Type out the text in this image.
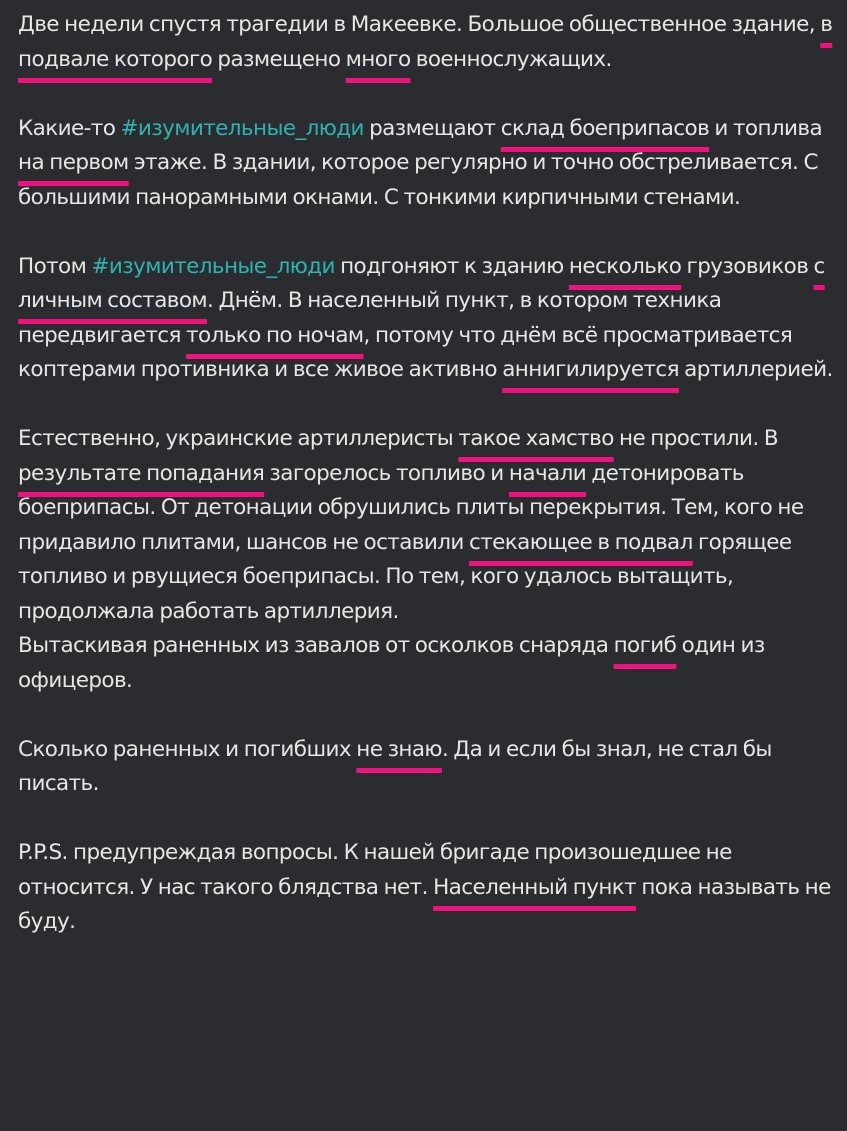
Две недели спустя трагедии в Макеевке. Большое общественное здание, в подвале которого размещено много военнослужащих.

Какие-то #изумительные_люди размещают склад боеприпасов и топлива на первом этаже. В здании, которое регулярно и точно обстреливается. С большими панорамными окнами. С тонкими кирпичными стенами.

Потом #изумительные_люди подгоняют к зданию несколько грузовиков с личным составом. Днём. В населенный пункт, в котором техника передвигается только по ночам, потому что днём всё просматривается коптерами противника и все живое активно аннигилируется артиллерией.

Естественно, украинские артиллеристы такое хамство не простили. В результате попадания загорелось топливо и начали детонировать боеприпасы. От детонации обрушились плиты перекрытия. Тем, кого не придавило плитами, шансов не оставили стекающее в подвал горящее топливо и рвущиеся боеприпасы. По тем, кого удалось вытащить, продолжала работать артиллерия.

Вытаскивая раненных из завалов от осколков снаряда погиб один из офицеров.

Сколько раненных и погибших не знаю. Да и если бы знал, не стал бы писать.

P.P.S. предупреждая вопросы. К нашей бригаде произошедшее не относится. У нас такого блядства нет. Населенный пункт пока называть не буду.
